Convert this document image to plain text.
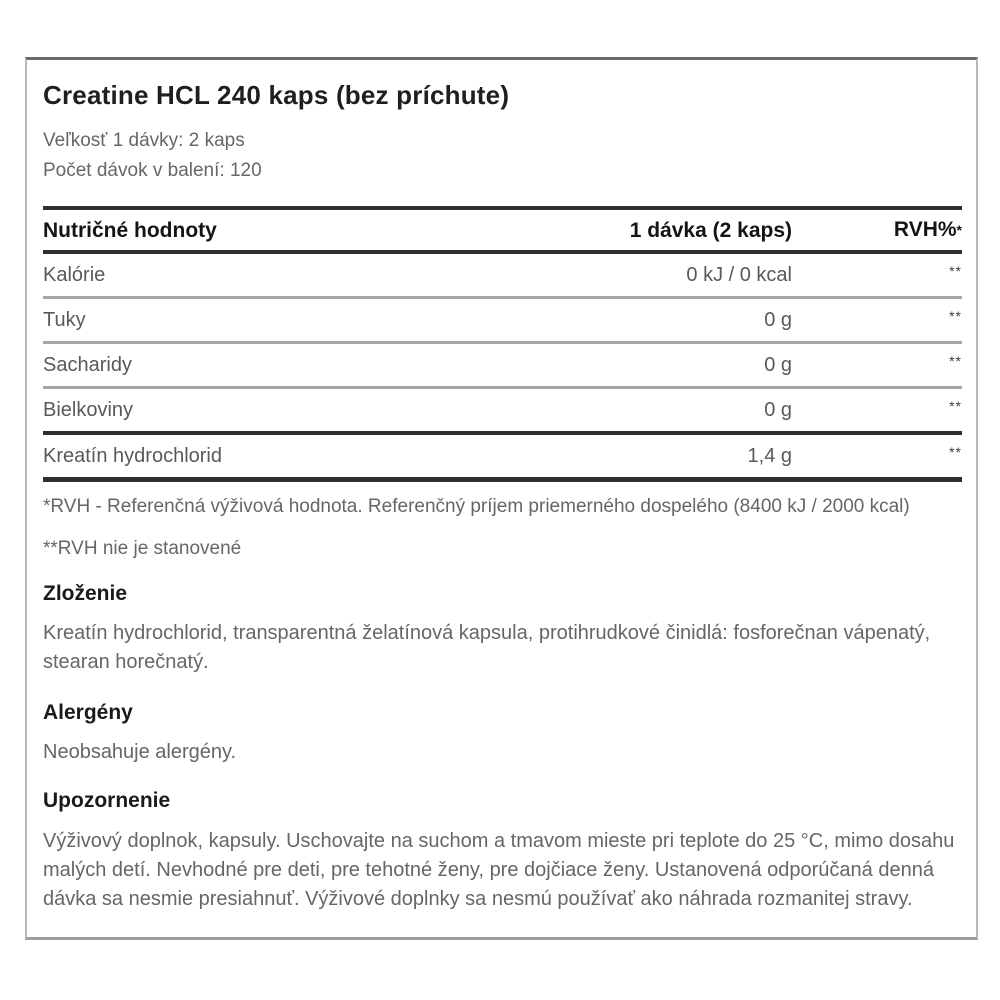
Creatine HCL 240 kaps (bez príchute)

Veľkosť 1 dávky: 2 kaps

Počet dávok v balení: 120

Nutričné hodnoty	1 dávka (2 kaps)	RVH%*
Kalórie	0 kJ / 0 kcal	**
Tuky	0 g	**
Sacharidy	0 g	**
Bielkoviny	0 g	**
Kreatín hydrochlorid	1,4 g	**

*RVH - Referenčná výživová hodnota. Referenčný príjem priemerného dospelého (8400 kJ / 2000 kcal)

**RVH nie je stanovené

Zloženie

Kreatín hydrochlorid, transparentná želatínová kapsula, protihrudkové činidlá: fosforečnan vápenatý, stearan horečnatý.

Alergény

Neobsahuje alergény.

Upozornenie

Výživový doplnok, kapsuly. Uschovajte na suchom a tmavom mieste pri teplote do 25 °C, mimo dosahu malých detí. Nevhodné pre deti, pre tehotné ženy, pre dojčiace ženy. Ustanovená odporúčaná denná dávka sa nesmie presiahnuť. Výživové doplnky sa nesmú používať ako náhrada rozmanitej stravy.
